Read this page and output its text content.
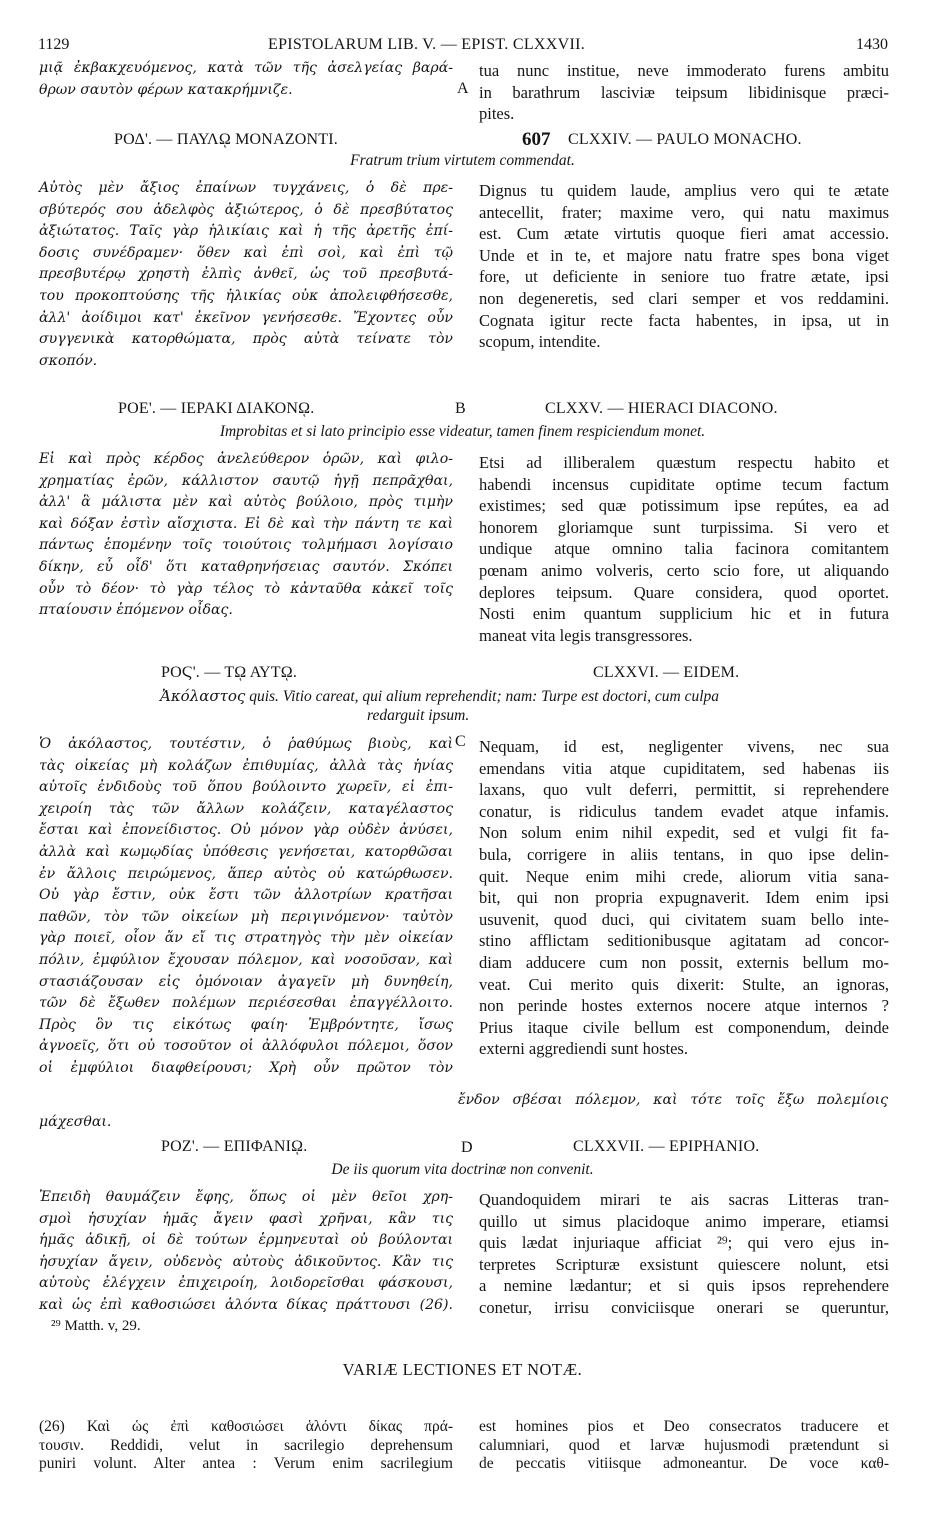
1129	EPISTOLARUM LIB. V. — EPIST. CLXXVII.	1430
μιᾷ ἐκβακχευόμενος, κατὰ τῶν τῆς ἀσελγείας βαρά-
θρων σαυτὸν φέρων κατακρήμνιζε.	A
tua nunc institue, neve immoderato furens ambitu
in barathrum lasciviæ teipsum libidinisque præci-
pites.
ΡΟΔ'. — ΠΑΥΛῼ ΜΟΝΑΖΟΝΤΙ.	607 CLXXIV. — PAULO MONACHO.
Fratrum trium virtutem commendat.
Αὐτὸς μὲν ἄξιος ἐπαίνων τυγχάνεις, ὁ δὲ πρε-
σβύτερός σου ἀδελφὸς ἀξιώτερος, ὁ δὲ πρεσβύτατος
ἀξιώτατος. Ταῖς γὰρ ἡλικίαις καὶ ἡ τῆς ἀρετῆς ἐπί-
δοσις συνέδραμεν· ὅθεν καὶ ἐπὶ σοὶ, καὶ ἐπὶ τῷ
πρεσβυτέρῳ χρηστὴ ἐλπὶς ἀνθεῖ, ὡς τοῦ πρεσβυτά-
του προκοπτούσης τῆς ἡλικίας οὐκ ἀπολειφθήσεσθε,
ἀλλ' ἀοίδιμοι κατ' ἐκεῖνον γενήσεσθε. Ἔχοντες οὖν
συγγενικὰ κατορθώματα, πρὸς αὐτὰ τείνατε τὸν
σκοπόν.
Dignus tu quidem laude, amplius vero qui te ætate
antecellit, frater; maxime vero, qui natu maximus
est. Cum ætate virtutis quoque fieri amat accessio.
Unde et in te, et majore natu fratre spes bona viget
fore, ut deficiente in seniore tuo fratre ætate, ipsi
non degeneretis, sed clari semper et vos reddamini.
Cognata igitur recte facta habentes, in ipsa, ut in
scopum, intendite.
ΡΟΕ'. — ΙΕΡΑΚΙ ΔΙΑΚΟΝῼ.	B	CLXXV. — HIERACI DIACONO.
Improbitas et si lato principio esse videatur, tamen finem respiciendum monet.
Εἰ καὶ πρὸς κέρδος ἀνελεύθερον ὁρῶν, καὶ φιλο-
χρηματίας ἐρῶν, κάλλιστον σαυτῷ ἡγῇ πεπρᾶχθαι,
ἀλλ' ἃ μάλιστα μὲν καὶ αὐτὸς βούλοιο, πρὸς τιμὴν
καὶ δόξαν ἐστὶν αἴσχιστα. Εἰ δὲ καὶ τὴν πάντη τε καὶ
πάντως ἑπομένην τοῖς τοιούτοις τολμήμασι λογίσαιο
δίκην, εὖ οἶδ' ὅτι καταθρηνήσειας σαυτόν. Σκόπει
οὖν τὸ δέον· τὸ γὰρ τέλος τὸ κἀνταῦθα κἀκεῖ τοῖς
πταίουσιν ἑπόμενον οἶδας.
Etsi ad illiberalem quæstum respectu habito et
habendi incensus cupiditate optime tecum factum
existimes; sed quæ potissimum ipse repútes, ea ad
honorem gloriamque sunt turpissima. Si vero et
undique atque omnino talia facinora comitantem
pœnam animo volveris, certo scio fore, ut aliquando
deplores teipsum. Quare considera, quod oportet.
Nosti enim quantum supplicium hic et in futura
maneat vita legis transgressores.
ΡΟϚ'. — Τῼ ΑΥΤῼ.	CLXXVI. — EIDEM.
Ἀκόλαστος quis. Vitio careat, qui alium reprehendit; nam: Turpe est doctori, cum culpa
redarguit ipsum.
Ὁ ἀκόλαστος, τουτέστιν, ὁ ῥαθύμως βιοὺς, καὶ
τὰς οἰκείας μὴ κολάζων ἐπιθυμίας, ἀλλὰ τὰς ἡνίας
αὐτοῖς ἐνδιδοὺς τοῦ ὅπου βούλοιντο χωρεῖν, εἰ ἐπι-
χειροίη τὰς τῶν ἄλλων κολάζειν, καταγέλαστος
ἔσται καὶ ἐπονείδιστος. Οὐ μόνον γὰρ οὐδὲν ἀνύσει,
ἀλλὰ καὶ κωμῳδίας ὑπόθεσις γενήσεται, κατορθῶσαι
ἐν ἄλλοις πειρώμενος, ἅπερ αὐτὸς οὐ κατώρθωσεν.
Οὐ γὰρ ἔστιν, οὐκ ἔστι τῶν ἀλλοτρίων κρατῆσαι
παθῶν, τὸν τῶν οἰκείων μὴ περιγινόμενον· ταὐτὸν
γὰρ ποιεῖ, οἷον ἄν εἴ τις στρατηγὸς τὴν μὲν οἰκείαν
πόλιν, ἐμφύλιον ἔχουσαν πόλεμον, καὶ νοσοῦσαν, καὶ
στασιάζουσαν εἰς ὁμόνοιαν ἀγαγεῖν μὴ δυνηθείη,
τῶν δὲ ἔξωθεν πολέμων περιέσεσθαι ἐπαγγέλλοιτο.
Πρὸς ὃν τις εἰκότως φαίη· Ἐμβρόντητε, ἴσως
ἀγνοεῖς, ὅτι οὐ τοσοῦτον οἱ ἀλλόφυλοι πόλεμοι, ὅσον
οἱ ἐμφύλιοι διαφθείρουσι; Χρὴ οὖν πρῶτον τὸν
C Nequam, id est, negligenter vivens, nec sua
emendans vitia atque cupiditatem, sed habenas iis
laxans, quo vult deferri, permittit, si reprehendere
conatur, is ridiculus tandem evadet atque infamis.
Non solum enim nihil expedit, sed et vulgi fit fa-
bula, corrigere in aliis tentans, in quo ipse delin-
quit. Neque enim mihi crede, aliorum vitia sana-
bit, qui non propria expugnaverit. Idem enim ipsi
usuvenit, quod duci, qui civitatem suam bello inte-
stino afflictam seditionibusque agitatam ad concor-
diam adducere cum non possit, externis bellum mo-
veat. Cui merito quis dixerit: Stulte, an ignoras,
non perinde hostes externos nocere atque internos ?
Prius itaque civile bellum est componendum, deinde
externi aggrediendi sunt hostes.
ἔνδον σβέσαι πόλεμον, καὶ τότε τοῖς ἔξω πολεμίοις
μάχεσθαι.
ΡΟΖ'. — ΕΠΙΦΑΝΙῼ.	D	CLXXVII. — EPIPHANIO.
De iis quorum vita doctrinæ non convenit.
Ἐπειδὴ θαυμάζειν ἔφης, ὅπως οἱ μὲν θεῖοι χρη-
σμοὶ ἡσυχίαν ἡμᾶς ἄγειν φασὶ χρῆναι, κἂν τις
ἡμᾶς ἀδικῇ, οἱ δὲ τούτων ἑρμηνευταὶ οὐ βούλονται
ἡσυχίαν ἄγειν, οὐδενὸς αὐτοὺς ἀδικοῦντος. Κἂν τις
αὐτοὺς ἐλέγχειν ἐπιχειροίη, λοιδορεῖσθαι φάσκουσι,
καὶ ὡς ἐπὶ καθοσιώσει ἁλόντα δίκας πράττουσι (26).
²⁹ Matth. v, 29.
Quandoquidem mirari te ais sacras Litteras tran-
quillo ut simus placidoque animo imperare, etiamsi
quis lædat injuriaque afficiat ²⁹; qui vero ejus in-
terpretes Scripturæ exsistunt quiescere nolunt, etsi
a nemine lædantur; et si quis ipsos reprehendere
conetur, irrisu conviciisque onerari se queruntur,
VARIÆ LECTIONES ET NOTÆ.
(26) Καὶ ὡς ἐπὶ καθοσιώσει ἁλόντι δίκας πρά-
τουσιν. Reddidi, velut in sacrilegio deprehensum
puniri volunt. Alter antea : Verum enim sacrilegium
est homines pios et Deo consecratos traducere et
calumniari, quod et larvæ hujusmodi prætendunt si
de peccatis vitiisque admoneantur. De voce καθ-
